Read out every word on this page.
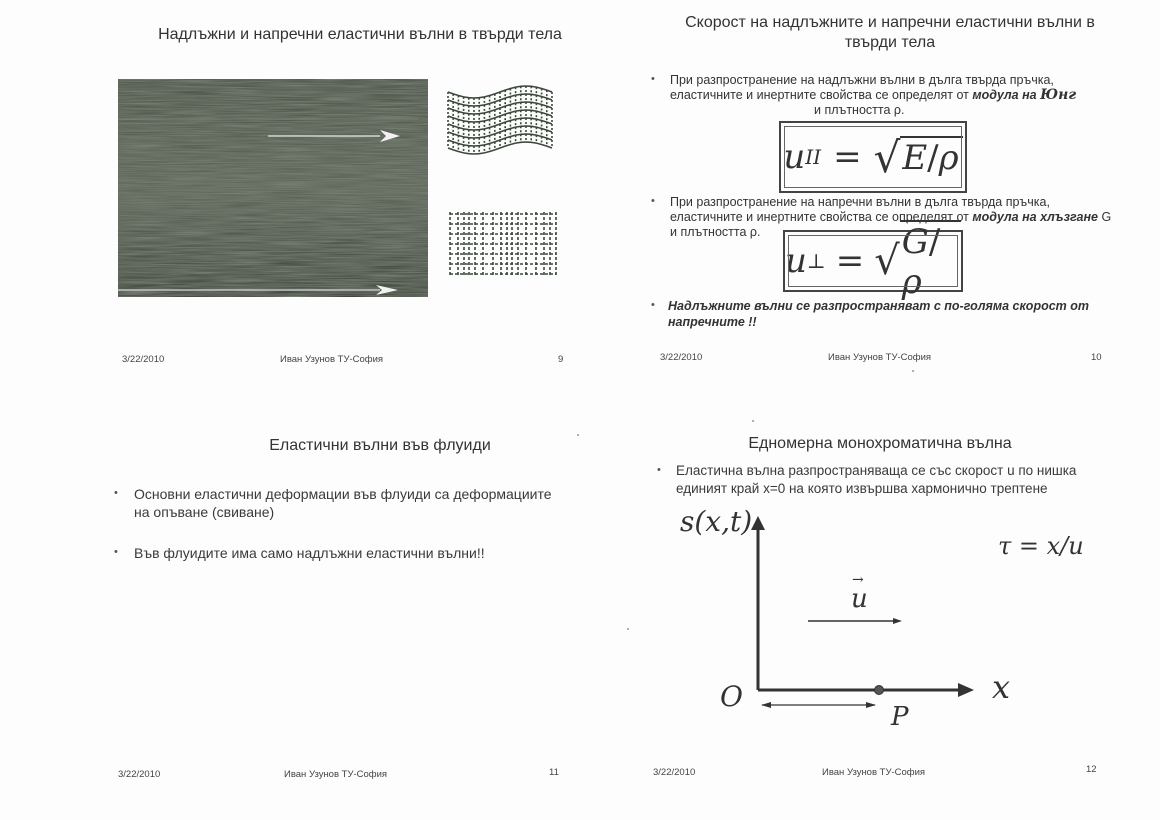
Надлъжни и напречни еластични вълни в твърди тела
3/22/2010	Иван Узунов ТУ-София	9
Скорост на надлъжните и напречни еластични вълни в
твърди тела
• При разпространение на надлъжни вълни в дълга твърда пръчка,
еластичните и инертните свойства се определят от модула на Юнг
и плътността ρ.
u II = √ E/ρ
• При разпространение на напречни вълни в дълга твърда пръчка,
еластичните и инертните свойства се определят от модула на хлъзгане G
и плътността ρ.
u ⊥ = √ G/ρ
• Надлъжните вълни се разпространяват с по-голяма скорост от
напречните !!
3/22/2010	Иван Узунов ТУ-София	10
Еластични вълни във флуиди
• Основни еластични деформации във флуиди са деформациите
на опъване (свиване)
• Във флуидите има само надлъжни еластични вълни!!
3/22/2010	Иван Узунов ТУ-София	11
Едномерна монохроматична вълна
• Еластична вълна разпространяваща се със скорост u по нишка
единият край x=0 на която извършва хармонично трептене
s(x,t)
→
u
x
O
P
τ = x/u
3/22/2010	Иван Узунов ТУ-София	12
